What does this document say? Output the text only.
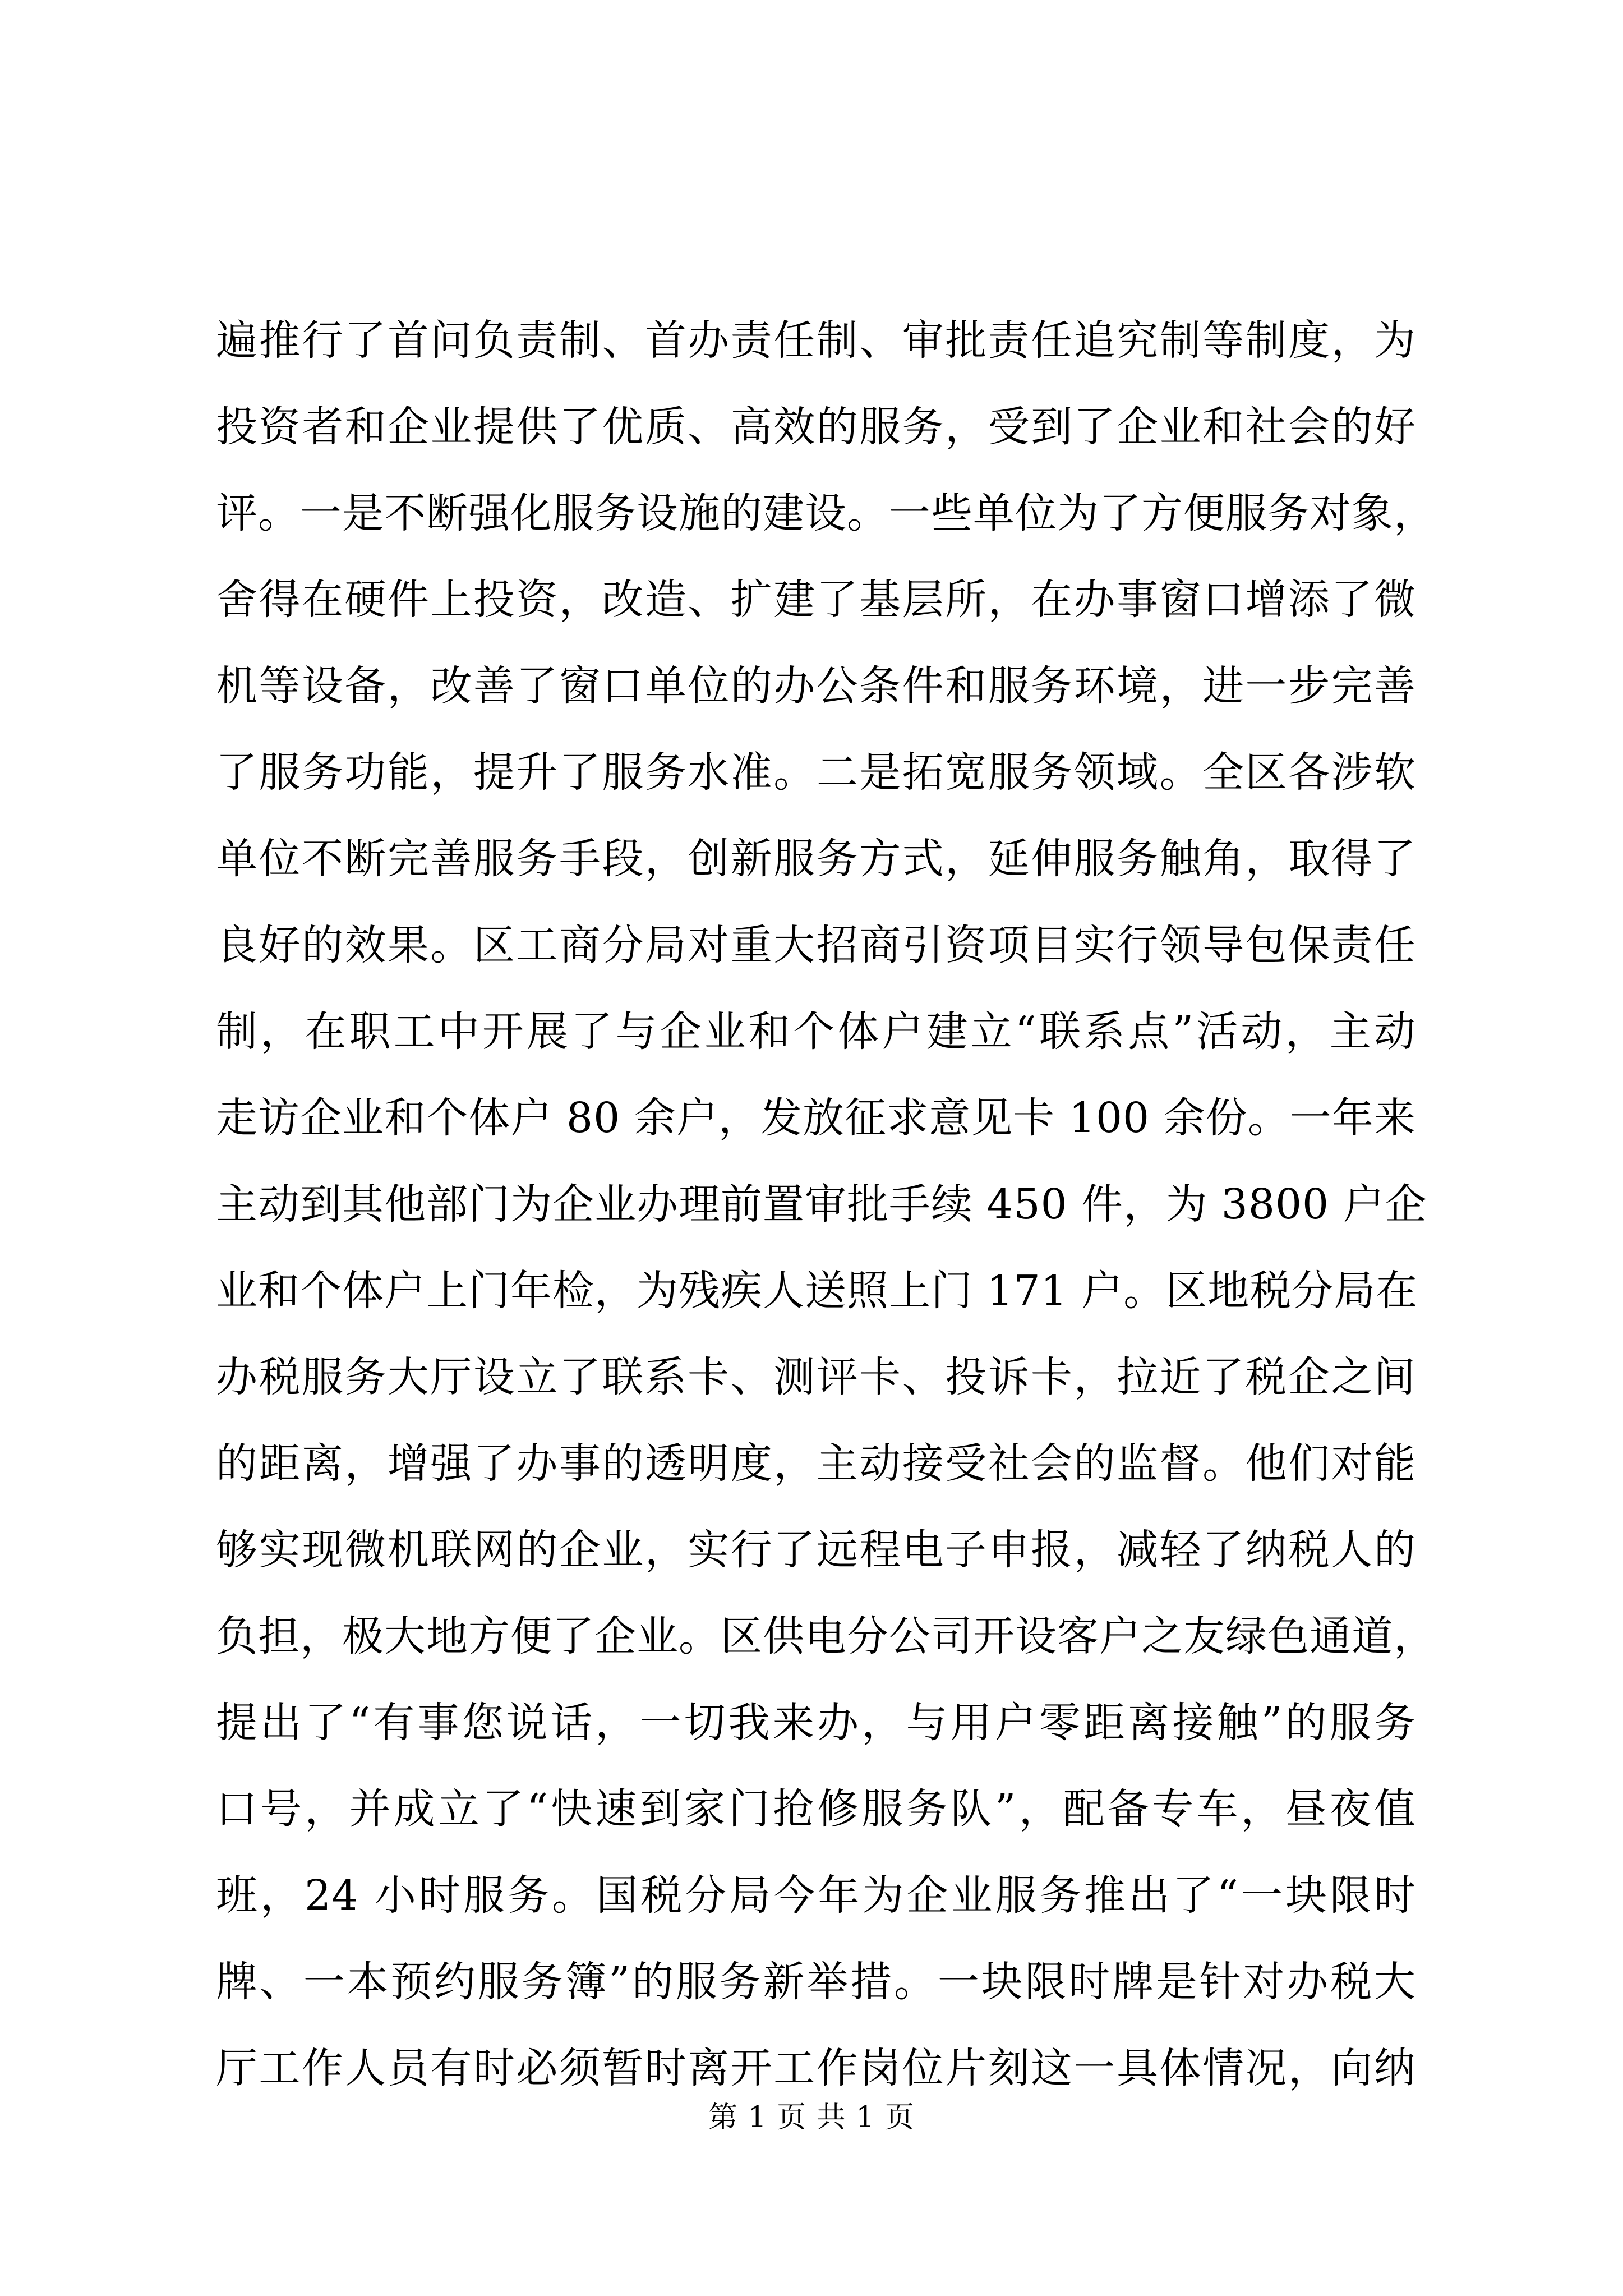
遍推行了首问负责制、首办责任制、审批责任追究制等制度，为
投资者和企业提供了优质、高效的服务，受到了企业和社会的好
评。一是不断强化服务设施的建设。一些单位为了方便服务对象，
舍得在硬件上投资，改造、扩建了基层所，在办事窗口增添了微
机等设备，改善了窗口单位的办公条件和服务环境，进一步完善
了服务功能，提升了服务水准。二是拓宽服务领域。全区各涉软
单位不断完善服务手段，创新服务方式，延伸服务触角，取得了
良好的效果。区工商分局对重大招商引资项目实行领导包保责任
制，在职工中开展了与企业和个体户建立“联系点”活动，主动
走访企业和个体户 80 余户，发放征求意见卡 100 余份。一年来
主动到其他部门为企业办理前置审批手续 450 件，为 3800 户企
业和个体户上门年检，为残疾人送照上门 171 户。区地税分局在
办税服务大厅设立了联系卡、测评卡、投诉卡，拉近了税企之间
的距离，增强了办事的透明度，主动接受社会的监督。他们对能
够实现微机联网的企业，实行了远程电子申报，减轻了纳税人的
负担，极大地方便了企业。区供电分公司开设客户之友绿色通道，
提出了“有事您说话，一切我来办，与用户零距离接触”的服务
口号，并成立了“快速到家门抢修服务队”，配备专车，昼夜值
班，24 小时服务。国税分局今年为企业服务推出了“一块限时
牌、一本预约服务簿”的服务新举措。一块限时牌是针对办税大
厅工作人员有时必须暂时离开工作岗位片刻这一具体情况，向纳
第 1 页 共 1 页
